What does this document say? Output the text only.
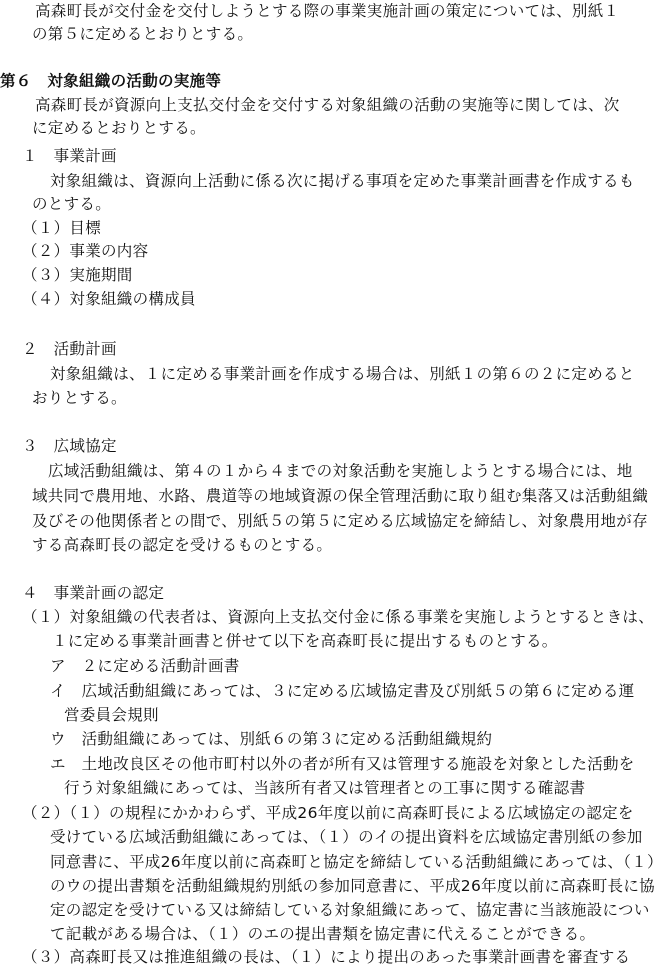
高森町長が交付金を交付しようとする際の事業実施計画の策定については、別紙１
の第５に定めるとおりとする。
第６　対象組織の活動の実施等
高森町長が資源向上支払交付金を交付する対象組織の活動の実施等に関しては、次
に定めるとおりとする。
１　事業計画
対象組織は、資源向上活動に係る次に掲げる事項を定めた事業計画書を作成するも
のとする。
（１）目標
（２）事業の内容
（３）実施期間
（４）対象組織の構成員
２　活動計画
対象組織は、１に定める事業計画を作成する場合は、別紙１の第６の２に定めると
おりとする。
３　広域協定
広域活動組織は、第４の１から４までの対象活動を実施しようとする場合には、地
域共同で農用地、水路、農道等の地域資源の保全管理活動に取り組む集落又は活動組織
及びその他関係者との間で、別紙５の第５に定める広域協定を締結し、対象農用地が存
する高森町長の認定を受けるものとする。
４　事業計画の認定
（１）対象組織の代表者は、資源向上支払交付金に係る事業を実施しようとするときは、
１に定める事業計画書と併せて以下を高森町長に提出するものとする。
ア　２に定める活動計画書
イ　広域活動組織にあっては、３に定める広域協定書及び別紙５の第６に定める運
営委員会規則
ウ　活動組織にあっては、別紙６の第３に定める活動組織規約
エ　土地改良区その他市町村以外の者が所有又は管理する施設を対象とした活動を
行う対象組織にあっては、当該所有者又は管理者との工事に関する確認書
（２）（１）の規程にかかわらず、平成26年度以前に高森町長による広域協定の認定を
受けている広域活動組織にあっては、（１）のイの提出資料を広域協定書別紙の参加
同意書に、平成26年度以前に高森町と協定を締結している活動組織にあっては、（１）
のウの提出書類を活動組織規約別紙の参加同意書に、平成26年度以前に高森町長に協
定の認定を受けている又は締結している対象組織にあって、協定書に当該施設につい
て記載がある場合は、（１）のエの提出書類を協定書に代えることができる。
（３）高森町長又は推進組織の長は、（１）により提出のあった事業計画書を審査する
